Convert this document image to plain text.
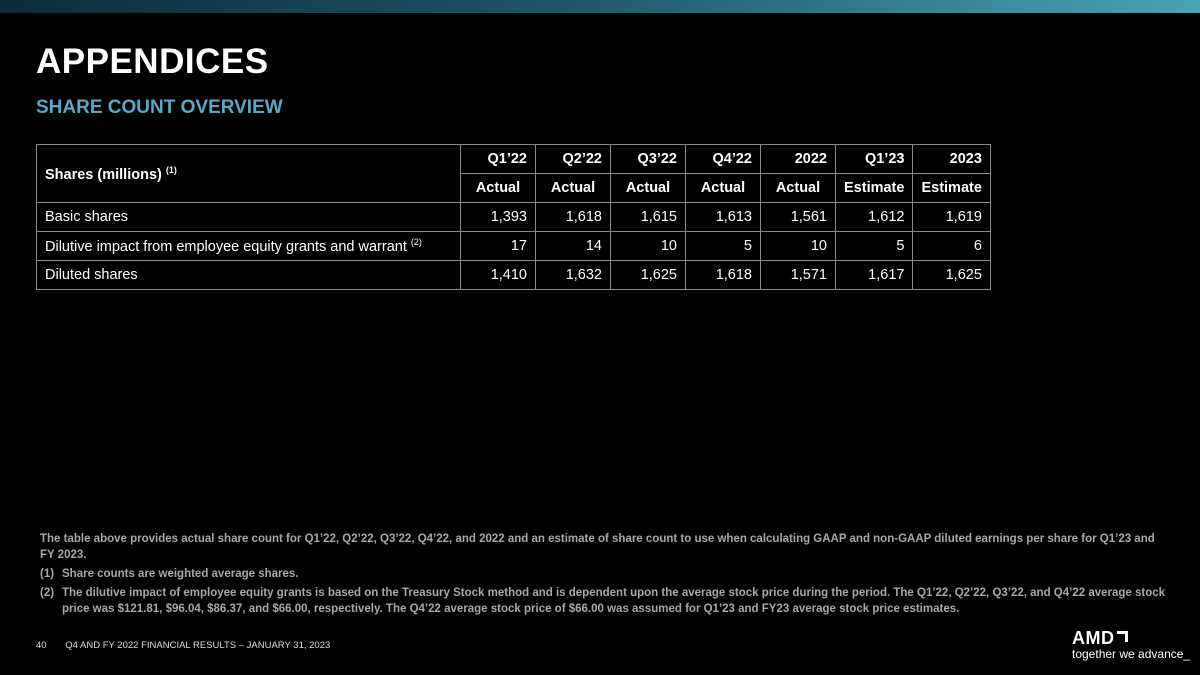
APPENDICES
SHARE COUNT OVERVIEW
Shares (millions) $^{(1)}$	Q1’22	Q2’22	Q3’22	Q4’22	2022	Q1’23	2023
	Actual	Actual	Actual	Actual	Actual	Estimate	Estimate
Basic shares	1,393	1,618	1,615	1,613	1,561	1,612	1,619
Dilutive impact from employee equity grants and warrant $^{(2)}$	17	14	10	5	10	5	6
Diluted shares	1,410	1,632	1,625	1,618	1,571	1,617	1,625

The table above provides actual share count for Q1’22, Q2’22, Q3’22, Q4’22, and 2022 and an estimate of share count to use when calculating GAAP and non-GAAP diluted earnings per share for Q1’23 and FY 2023.

(1) Share counts are weighted average shares.
(2) The dilutive impact of employee equity grants is based on the Treasury Stock method and is dependent upon the average stock price during the period. The Q1’22, Q2’22, Q3’22, and Q4’22 average stock price was $121.81, $96.04, $86.37, and $66.00, respectively. The Q4’22 average stock price of $66.00 was assumed for Q1’23 and FY23 average stock price estimates.
40 Q4 AND FY 2022 FINANCIAL RESULTS – JANUARY 31, 2023	AMD
together we advance_
